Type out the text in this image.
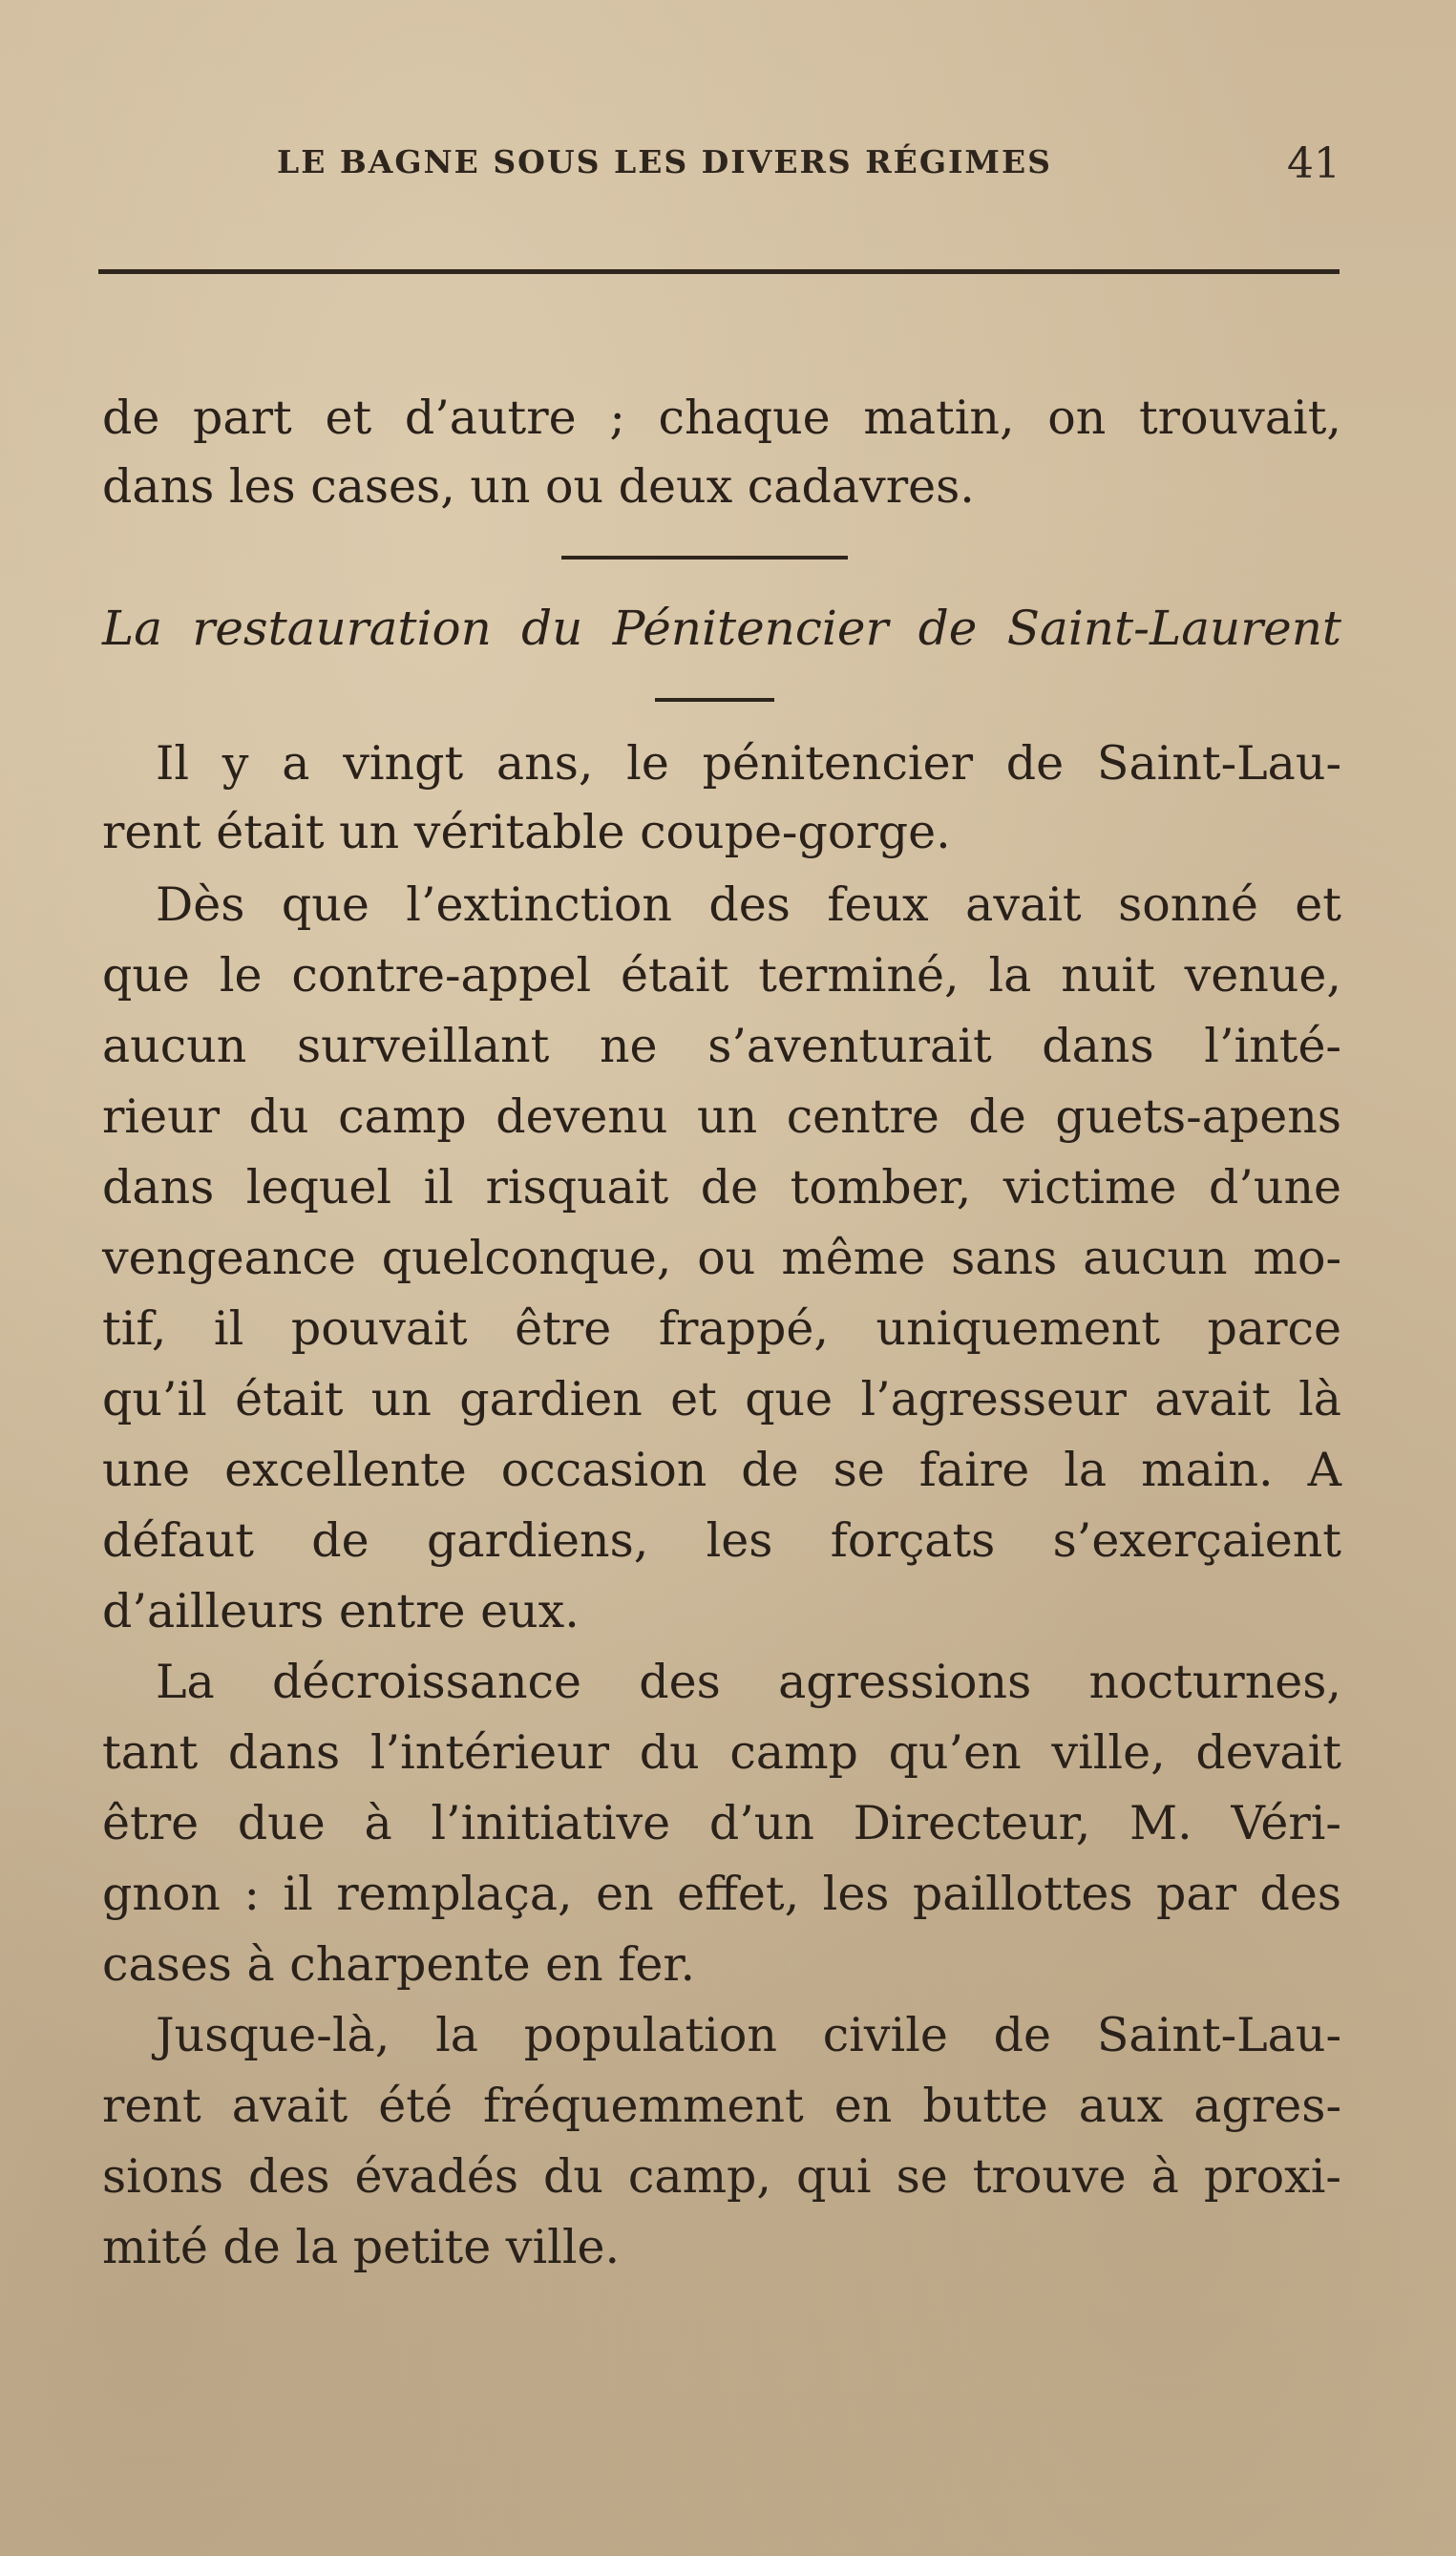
LE BAGNE SOUS LES DIVERS RÉGIMES	41
de part et d’autre ; chaque matin, on trouvait,
dans les cases, un ou deux cadavres.
La restauration du Pénitencier de Saint-Laurent
Il y a vingt ans, le pénitencier de Saint-Lau-
rent était un véritable coupe-gorge.
Dès que l’extinction des feux avait sonné et
que le contre-appel était terminé, la nuit venue,
aucun surveillant ne s’aventurait dans l’inté-
rieur du camp devenu un centre de guets-apens
dans lequel il risquait de tomber, victime d’une
vengeance quelconque, ou même sans aucun mo-
tif, il pouvait être frappé, uniquement parce
qu’il était un gardien et que l’agresseur avait là
une excellente occasion de se faire la main. A
défaut de gardiens, les forçats s’exerçaient
d’ailleurs entre eux.
La décroissance des agressions nocturnes,
tant dans l’intérieur du camp qu’en ville, devait
être due à l’initiative d’un Directeur, M. Véri-
gnon : il remplaça, en effet, les paillottes par des
cases à charpente en fer.
Jusque-là, la population civile de Saint-Lau-
rent avait été fréquemment en butte aux agres-
sions des évadés du camp, qui se trouve à proxi-
mité de la petite ville.
